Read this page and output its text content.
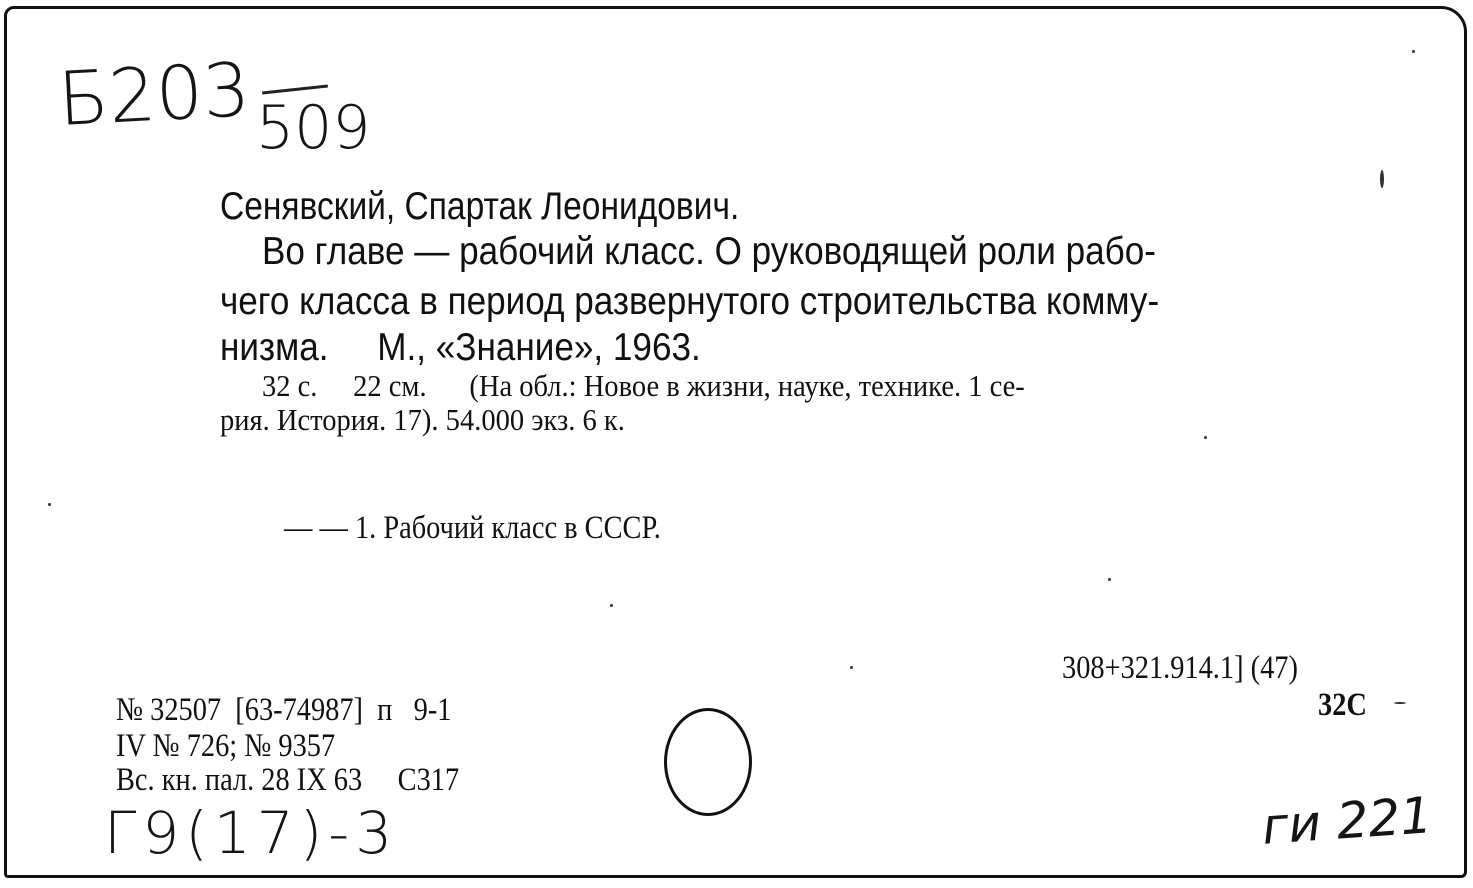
Б203 509
Сенявский, Спартак Леонидович.
Во главе — рабочий класс. О руководящей роли рабо-
чего класса в период развернутого строительства комму-
низма.     М., «Знание», 1963.
32 с.     22 см.      (На обл.: Новое в жизни, науке, технике. 1 се-
рия. История. 17). 54.000 экз. 6 к.
— — 1. Рабочий класс в СССР.
308+321.914.1] (47)
32С
№ 32507  [63-74987]  п   9-1
IV № 726; № 9357
Вс. кн. пал. 28 IX 63     С317
Г9(17)-3	ги 221
